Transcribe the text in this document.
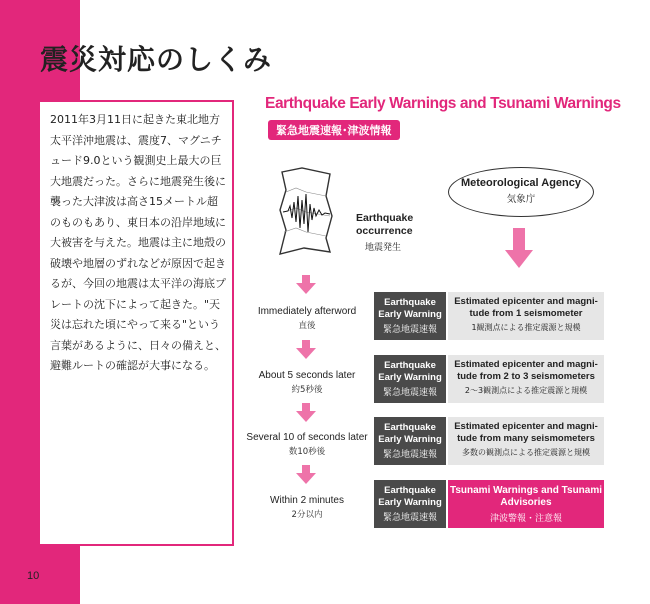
10
震災対応のしくみ

2011年3月11日に起きた東北地方太平洋沖地震は、震度7、マグニチュード9.0という観測史上最大の巨大地震だった。さらに地震発生後に襲った大津波は高さ15メートル超のものもあり、東日本の沿岸地域に大被害を与えた。地震は主に地殻の破壊や地層のずれなどが原因で起きるが、今回の地震は太平洋の海底プレートの沈下によって起きた。"天災は忘れた頃にやって来る"という言葉があるように、日々の備えと、避難ルートの確認が大事になる。

Earthquake Early Warnings and Tsunami Warnings
緊急地震速報･津波情報
Earthquake
occurrence
地震発生
Meteorological Agency
気象庁
Immediately afterword
直後
Earthquake
Early Warning
緊急地震速報
Estimated epicenter and magni-
tude from 1 seismometer
1観測点による推定震源と規模
About 5 seconds later
約5秒後
Earthquake
Early Warning
緊急地震速報
Estimated epicenter and magni-
tude from 2 to 3 seismometers
2～3観測点による推定震源と規模
Several 10 of seconds later
数10秒後
Earthquake
Early Warning
緊急地震速報
Estimated epicenter and magni-
tude from many seismometers
多数の観測点による推定震源と規模
Within 2 minutes
2分以内
Earthquake
Early Warning
緊急地震速報
Tsunami Warnings and Tsunami
Advisories
津波警報・注意報
